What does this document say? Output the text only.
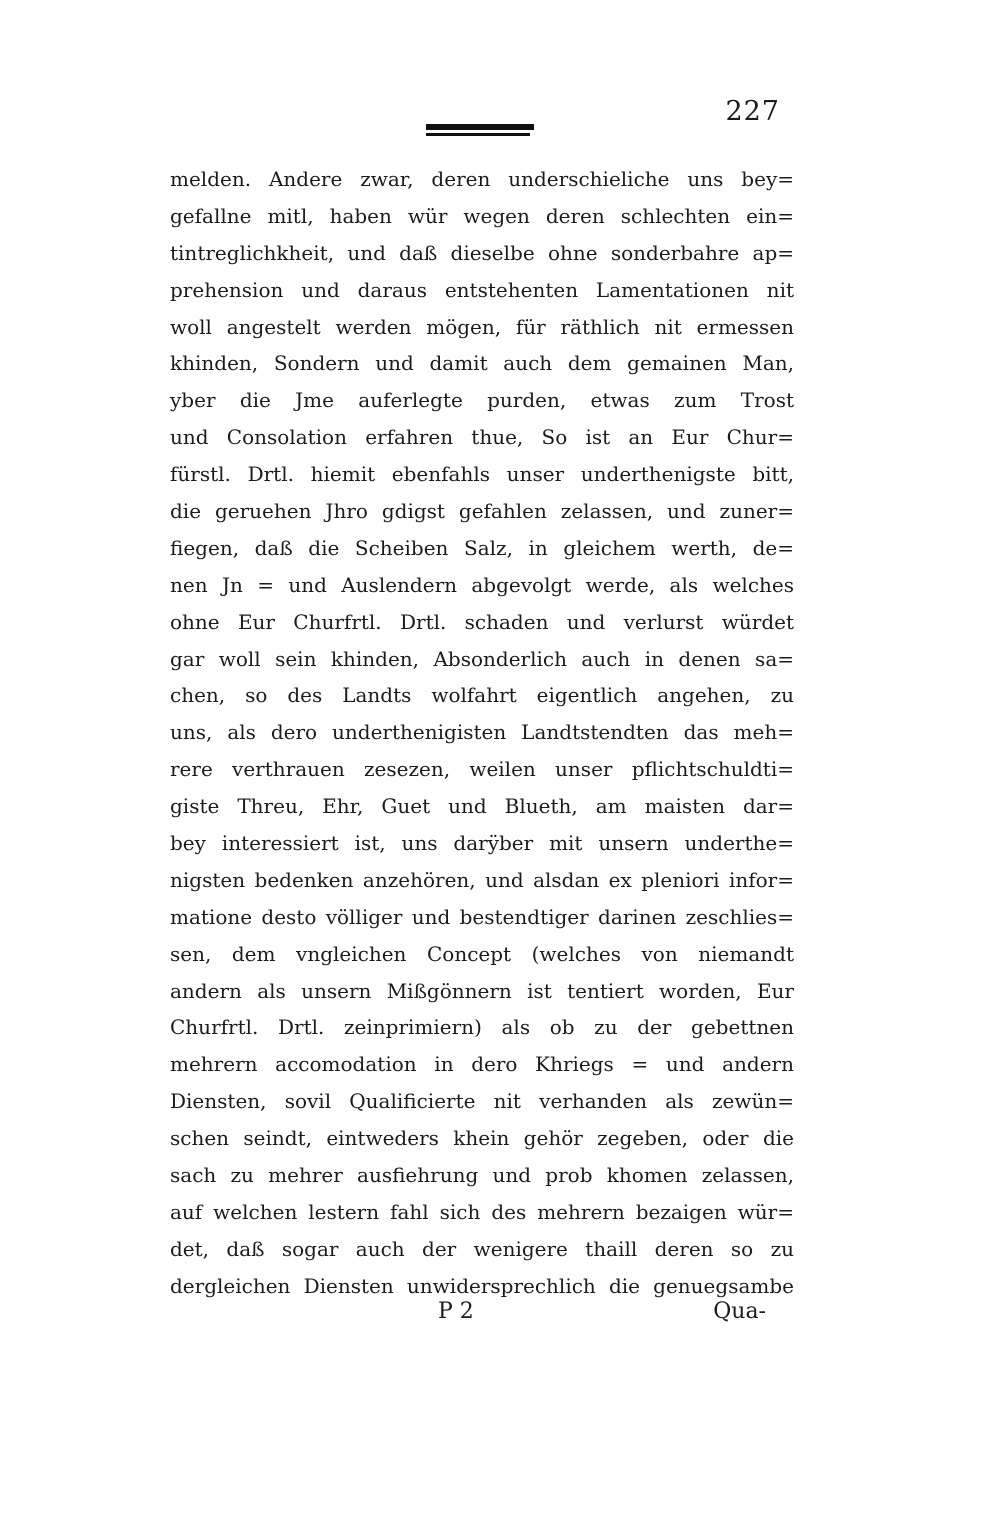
227
melden. Andere zwar, deren underschieliche uns bey=
gefallne mitl, haben wür wegen deren schlechten ein=
tintreglichkheit, und daß dieselbe ohne sonderbahre ap=
prehension und daraus entstehenten Lamentationen nit
woll angestelt werden mögen, für räthlich nit ermessen
khinden, Sondern und damit auch dem gemainen Man,
yber die Jme auferlegte purden, etwas zum Trost
und Consolation erfahren thue, So ist an Eur Chur=
fürstl. Drtl. hiemit ebenfahls unser underthenigste bitt,
die geruehen Jhro gdigst gefahlen zelassen, und zuner=
fiegen, daß die Scheiben Salz, in gleichem werth, de=
nen Jn = und Auslendern abgevolgt werde, als welches
ohne Eur Churfrtl. Drtl. schaden und verlurst würdet
gar woll sein khinden, Absonderlich auch in denen sa=
chen, so des Landts wolfahrt eigentlich angehen, zu
uns, als dero underthenigisten Landtstendten das meh=
rere verthrauen zesezen, weilen unser pflichtschuldti=
giste Threu, Ehr, Guet und Blueth, am maisten dar=
bey interessiert ist, uns darÿber mit unsern underthe=
nigsten bedenken anzehören, und alsdan ex pleniori infor=
matione desto völliger und bestendtiger darinen zeschlies=
sen, dem vngleichen Concept (welches von niemandt
andern als unsern Mißgönnern ist tentiert worden, Eur
Churfrtl. Drtl. zeinprimiern) als ob zu der gebettnen
mehrern accomodation in dero Khriegs = und andern
Diensten, sovil Qualificierte nit verhanden als zewün=
schen seindt, eintweders khein gehör zegeben, oder die
sach zu mehrer ausfiehrung und prob khomen zelassen,
auf welchen lestern fahl sich des mehrern bezaigen wür=
det, daß sogar auch der wenigere thaill deren so zu
dergleichen Diensten unwidersprechlich die genuegsambe
P 2	Qua-
